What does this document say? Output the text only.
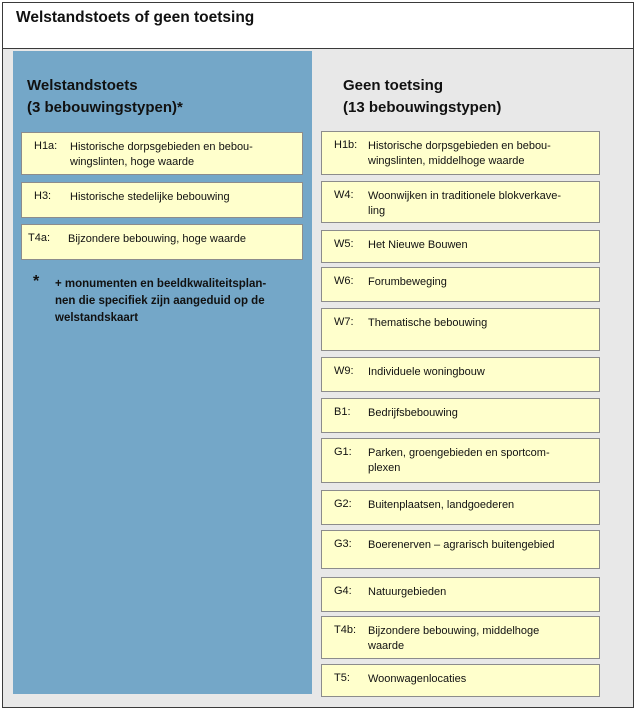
Welstandstoets of geen toetsing
Welstandstoets
(3 bebouwingstypen)*
H1a: Historische dorpsgebieden en bebou-
wingslinten, hoge waarde
H3: Historische stedelijke bebouwing
T4a: Bijzondere bebouwing, hoge waarde
* + monumenten en beeldkwaliteitsplan-
nen die specifiek zijn aangeduid op de
welstandskaart
Geen toetsing
(13 bebouwingstypen)
H1b: Historische dorpsgebieden en bebou-
wingslinten, middelhoge waarde
W4: Woonwijken in traditionele blokverkave-
ling
W5: Het Nieuwe Bouwen
W6: Forumbeweging
W7: Thematische bebouwing
W9: Individuele woningbouw
B1: Bedrijfsbebouwing
G1: Parken, groengebieden en sportcom-
plexen
G2: Buitenplaatsen, landgoederen
G3: Boerenerven – agrarisch buitengebied
G4: Natuurgebieden
T4b: Bijzondere bebouwing, middelhoge
waarde
T5: Woonwagenlocaties
